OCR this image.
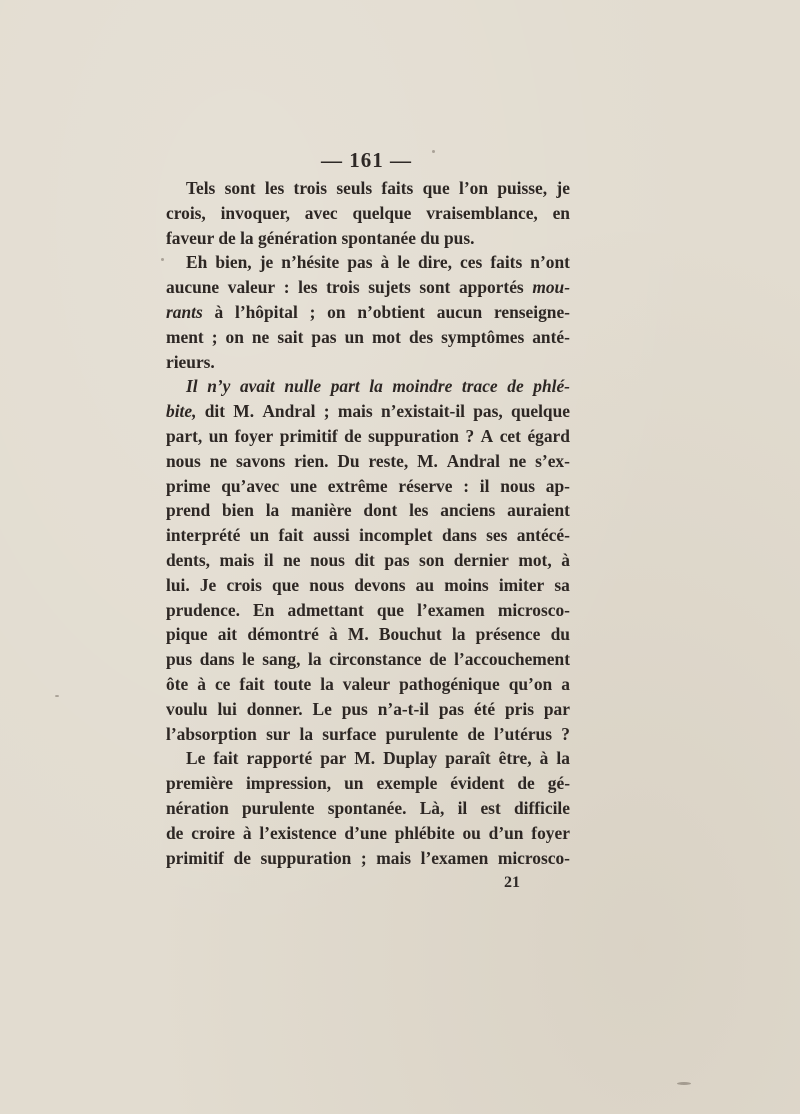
— 161 —
Tels sont les trois seuls faits que l’on puisse, je
crois, invoquer, avec quelque vraisemblance, en
faveur de la génération spontanée du pus.
Eh bien, je n’hésite pas à le dire, ces faits n’ont
aucune valeur : les trois sujets sont apportés mou-
rants à l’hôpital ; on n’obtient aucun renseigne-
ment ; on ne sait pas un mot des symptômes anté-
rieurs.
Il n’y avait nulle part la moindre trace de phlé-
bite, dit M. Andral ; mais n’existait-il pas, quelque
part, un foyer primitif de suppuration ? A cet égard
nous ne savons rien. Du reste, M. Andral ne s’ex-
prime qu’avec une extrême réserve : il nous ap-
prend bien la manière dont les anciens auraient
interprété un fait aussi incomplet dans ses antécé-
dents, mais il ne nous dit pas son dernier mot, à
lui. Je crois que nous devons au moins imiter sa
prudence. En admettant que l’examen microsco-
pique ait démontré à M. Bouchut la présence du
pus dans le sang, la circonstance de l’accouchement
ôte à ce fait toute la valeur pathogénique qu’on a
voulu lui donner. Le pus n’a-t-il pas été pris par
l’absorption sur la surface purulente de l’utérus ?
Le fait rapporté par M. Duplay paraît être, à la
première impression, un exemple évident de gé-
nération purulente spontanée. Là, il est difficile
de croire à l’existence d’une phlébite ou d’un foyer
primitif de suppuration ; mais l’examen microsco-
21
